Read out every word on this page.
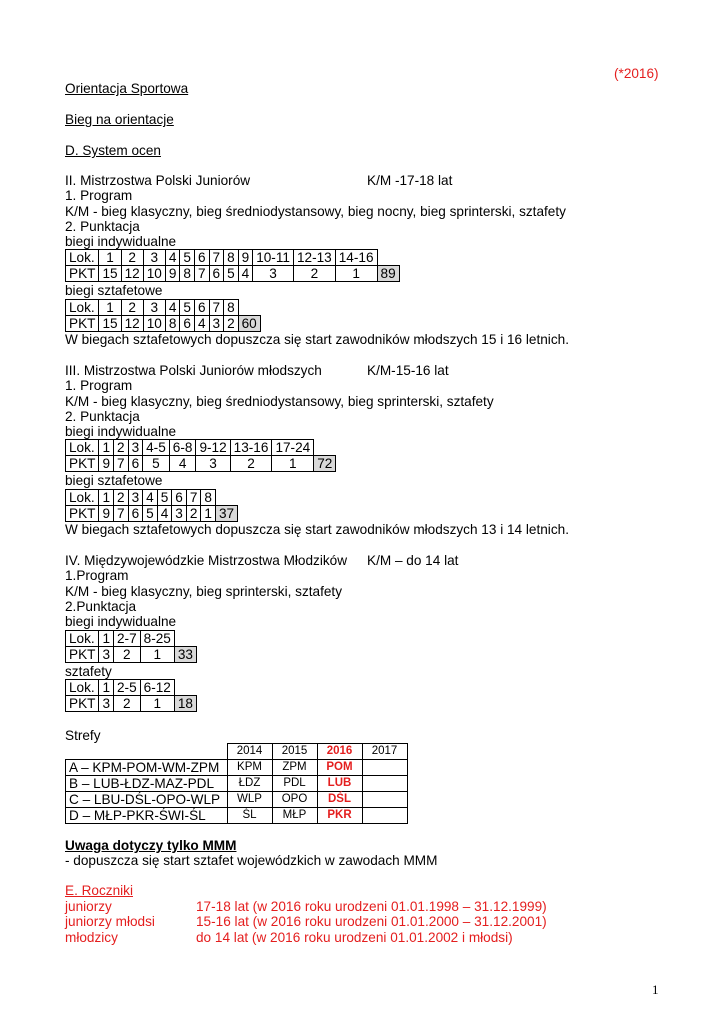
(*2016)
Orientacja Sportowa
Bieg na orientacje
D. System ocen
II. Mistrzostwa Polski Juniorów	K/M -17-18 lat
1. Program
K/M - bieg klasyczny, bieg średniodystansowy, bieg nocny, bieg sprinterski, sztafety
2. Punktacja
biegi indywidualne
Lok.	1	2	3	4	5	6	7	8	9	10-11	12-13	14-16	
PKT	15	12	10	9	8	7	6	5	4	3	2	1	89
biegi sztafetowe
Lok.	1	2	3	4	5	6	7	8	
PKT	15	12	10	8	6	4	3	2	60
W biegach sztafetowych dopuszcza się start zawodników młodszych 15 i 16 letnich.
III. Mistrzostwa Polski Juniorów młodszych	K/M-15-16 lat
1. Program
K/M - bieg klasyczny, bieg średniodystansowy, bieg sprinterski, sztafety
2. Punktacja
biegi indywidualne
Lok.	1	2	3	4-5	6-8	9-12	13-16	17-24	
PKT	9	7	6	5	4	3	2	1	72
biegi sztafetowe
Lok.	1	2	3	4	5	6	7	8	
PKT	9	7	6	5	4	3	2	1	37
W biegach sztafetowych dopuszcza się start zawodników młodszych 13 i 14 letnich.
IV. Międzywojewódzkie Mistrzostwa Młodzików K/M – do 14 lat
1.Program
K/M - bieg klasyczny, bieg sprinterski, sztafety
2.Punktacja
biegi indywidualne
Lok.	1	2-7	8-25	
PKT	3	2	1	33
sztafety
Lok.	1	2-5	6-12	
PKT	3	2	1	18
Strefy
	2014	2015	2016	2017
A – KPM-POM-WM-ZPM	KPM	ZPM	POM	
B – LUB-ŁDZ-MAZ-PDL	ŁDZ	PDL	LUB	
C – LBU-DŚL-OPO-WLP	WLP	OPO	DŚL	
D – MŁP-PKR-ŚWI-ŚL	ŚL	MŁP	PKR	
Uwaga dotyczy tylko MMM
- dopuszcza się start sztafet wojewódzkich w zawodach MMM
E. Roczniki
juniorzy	17-18 lat (w 2016 roku urodzeni 01.01.1998 – 31.12.1999)
juniorzy młodsi	15-16 lat (w 2016 roku urodzeni 01.01.2000 – 31.12.2001)
młodzicy	do 14 lat (w 2016 roku urodzeni 01.01.2002 i młodsi)
1
